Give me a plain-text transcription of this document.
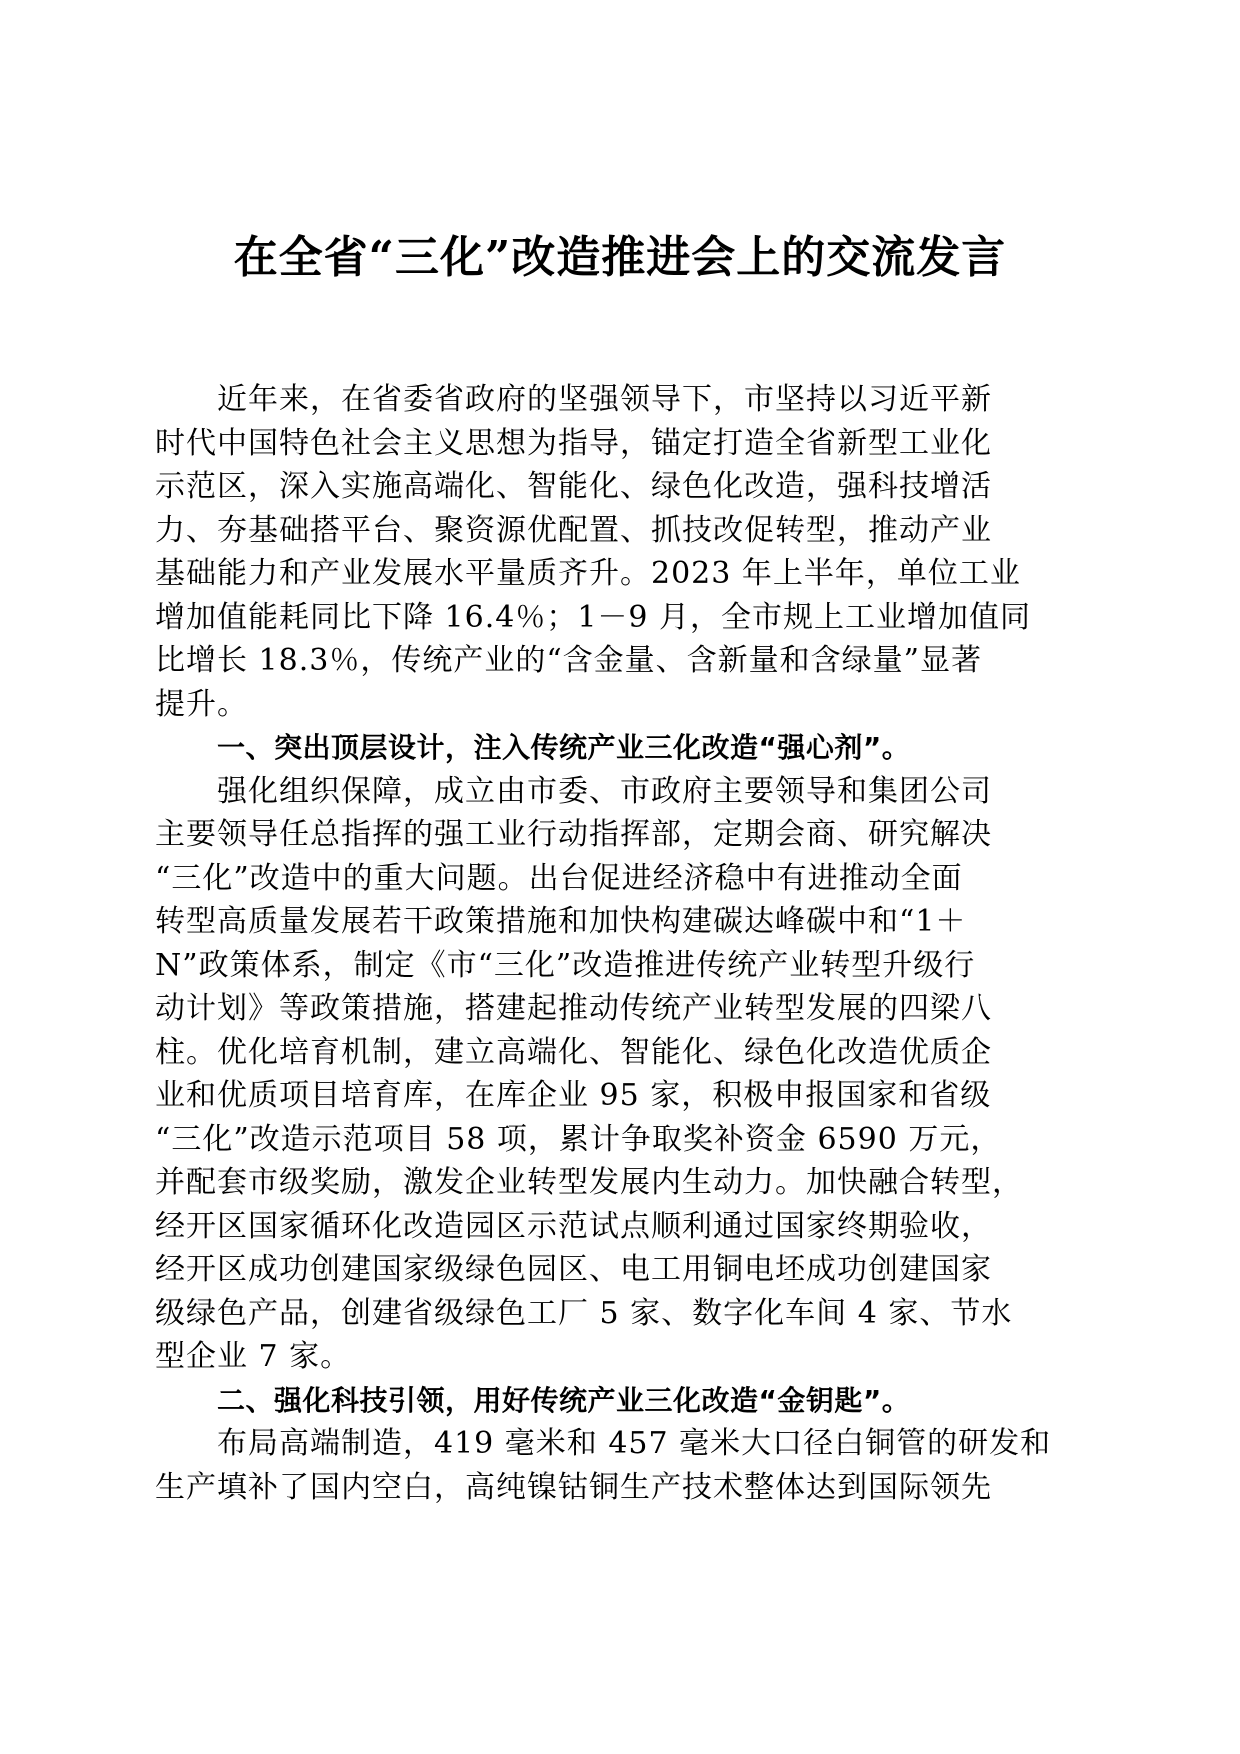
在全省“三化”改造推进会上的交流发言
近年来，在省委省政府的坚强领导下，市坚持以习近平新
时代中国特色社会主义思想为指导，锚定打造全省新型工业化
示范区，深入实施高端化、智能化、绿色化改造，强科技增活
力、夯基础搭平台、聚资源优配置、抓技改促转型，推动产业
基础能力和产业发展水平量质齐升。2023 年上半年，单位工业
增加值能耗同比下降 16.4％；1－9 月，全市规上工业增加值同
比增长 18.3％，传统产业的“含金量、含新量和含绿量”显著
提升。
一、突出顶层设计，注入传统产业三化改造“强心剂”。
强化组织保障，成立由市委、市政府主要领导和集团公司
主要领导任总指挥的强工业行动指挥部，定期会商、研究解决
“三化”改造中的重大问题。出台促进经济稳中有进推动全面
转型高质量发展若干政策措施和加快构建碳达峰碳中和“1＋
N”政策体系，制定《市“三化”改造推进传统产业转型升级行
动计划》等政策措施，搭建起推动传统产业转型发展的四梁八
柱。优化培育机制，建立高端化、智能化、绿色化改造优质企
业和优质项目培育库，在库企业 95 家，积极申报国家和省级
“三化”改造示范项目 58 项，累计争取奖补资金 6590 万元，
并配套市级奖励，激发企业转型发展内生动力。加快融合转型，
经开区国家循环化改造园区示范试点顺利通过国家终期验收，
经开区成功创建国家级绿色园区、电工用铜电坯成功创建国家
级绿色产品，创建省级绿色工厂 5 家、数字化车间 4 家、节水
型企业 7 家。
二、强化科技引领，用好传统产业三化改造“金钥匙”。
布局高端制造，419 毫米和 457 毫米大口径白铜管的研发和
生产填补了国内空白，高纯镍钴铜生产技术整体达到国际领先
